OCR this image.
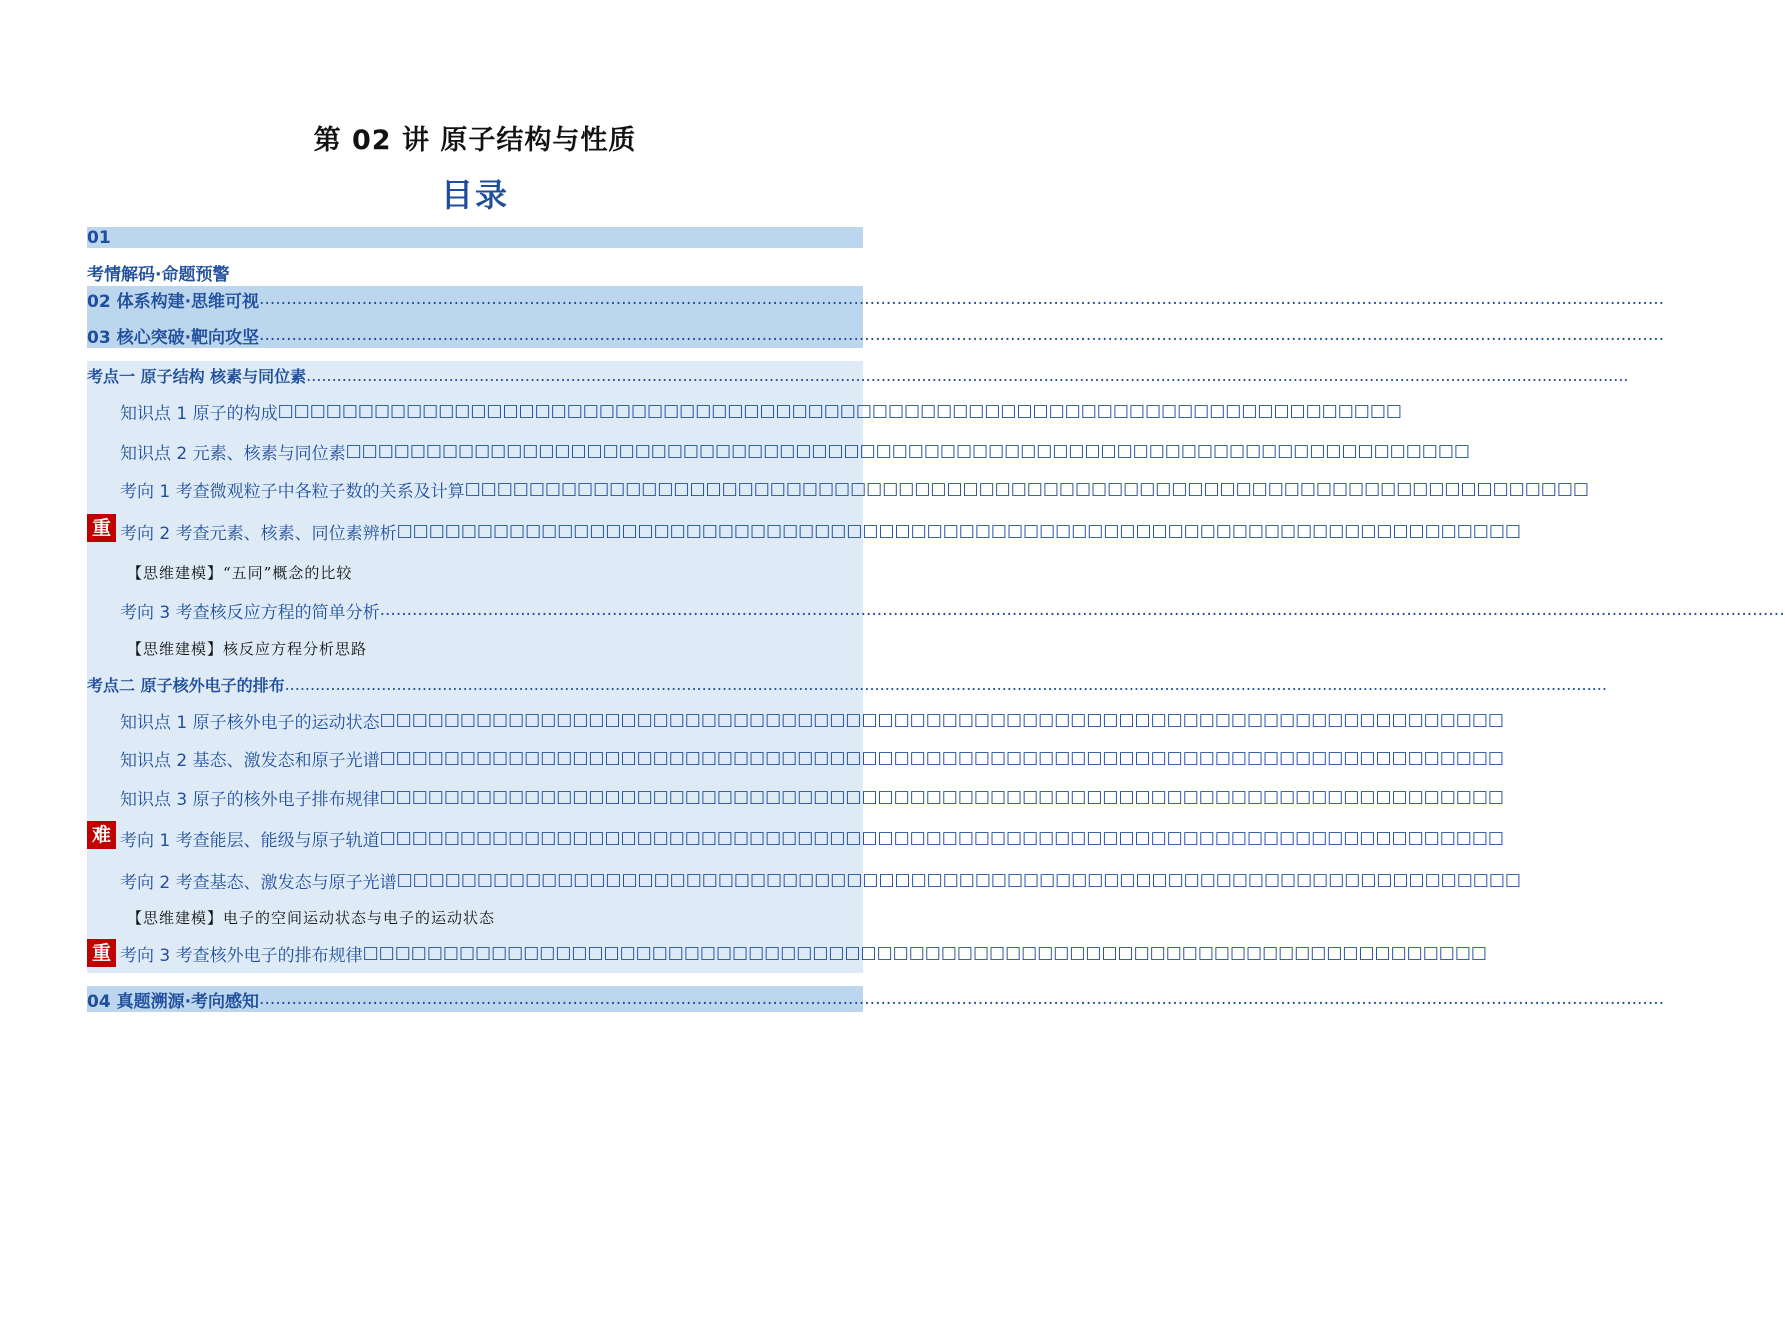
第 02 讲 原子结构与性质
目录
01
考情解码·命题预警
02 体系构建·思维可视 ....................................................................................................................................................................................................................................................................
03 核心突破·靶向攻坚 ....................................................................................................................................................................................................................................................................
考点一 原子结构 核素与同位素 ....................................................................................................................................................................................................................................................................
知识点 1 原子的构成 □□□□□□□□□□□□□□□□□□□□□□□□□□□□□□□□□□□□□□□□□□□□□□□□□□□□□□□□□□□□□□□□□□□□□□
知识点 2 元素、核素与同位素 □□□□□□□□□□□□□□□□□□□□□□□□□□□□□□□□□□□□□□□□□□□□□□□□□□□□□□□□□□□□□□□□□□□□□□
考向 1 考查微观粒子中各粒子数的关系及计算 □□□□□□□□□□□□□□□□□□□□□□□□□□□□□□□□□□□□□□□□□□□□□□□□□□□□□□□□□□□□□□□□□□□□□□
考向 2 考查元素、核素、同位素辨析 □□□□□□□□□□□□□□□□□□□□□□□□□□□□□□□□□□□□□□□□□□□□□□□□□□□□□□□□□□□□□□□□□□□□□□
重
【思维建模】“五同”概念的比较
考向 3 考查核反应方程的简单分析 ....................................................................................................................................................................................................................................................................
【思维建模】核反应方程分析思路
考点二 原子核外电子的排布 ....................................................................................................................................................................................................................................................................
知识点 1 原子核外电子的运动状态 □□□□□□□□□□□□□□□□□□□□□□□□□□□□□□□□□□□□□□□□□□□□□□□□□□□□□□□□□□□□□□□□□□□□□□
知识点 2 基态、激发态和原子光谱 □□□□□□□□□□□□□□□□□□□□□□□□□□□□□□□□□□□□□□□□□□□□□□□□□□□□□□□□□□□□□□□□□□□□□□
知识点 3 原子的核外电子排布规律 □□□□□□□□□□□□□□□□□□□□□□□□□□□□□□□□□□□□□□□□□□□□□□□□□□□□□□□□□□□□□□□□□□□□□□
考向 1 考查能层、能级与原子轨道 □□□□□□□□□□□□□□□□□□□□□□□□□□□□□□□□□□□□□□□□□□□□□□□□□□□□□□□□□□□□□□□□□□□□□□
难
考向 2 考查基态、激发态与原子光谱 □□□□□□□□□□□□□□□□□□□□□□□□□□□□□□□□□□□□□□□□□□□□□□□□□□□□□□□□□□□□□□□□□□□□□□
【思维建模】电子的空间运动状态与电子的运动状态
考向 3 考查核外电子的排布规律 □□□□□□□□□□□□□□□□□□□□□□□□□□□□□□□□□□□□□□□□□□□□□□□□□□□□□□□□□□□□□□□□□□□□□□
重
04 真题溯源·考向感知 ....................................................................................................................................................................................................................................................................
